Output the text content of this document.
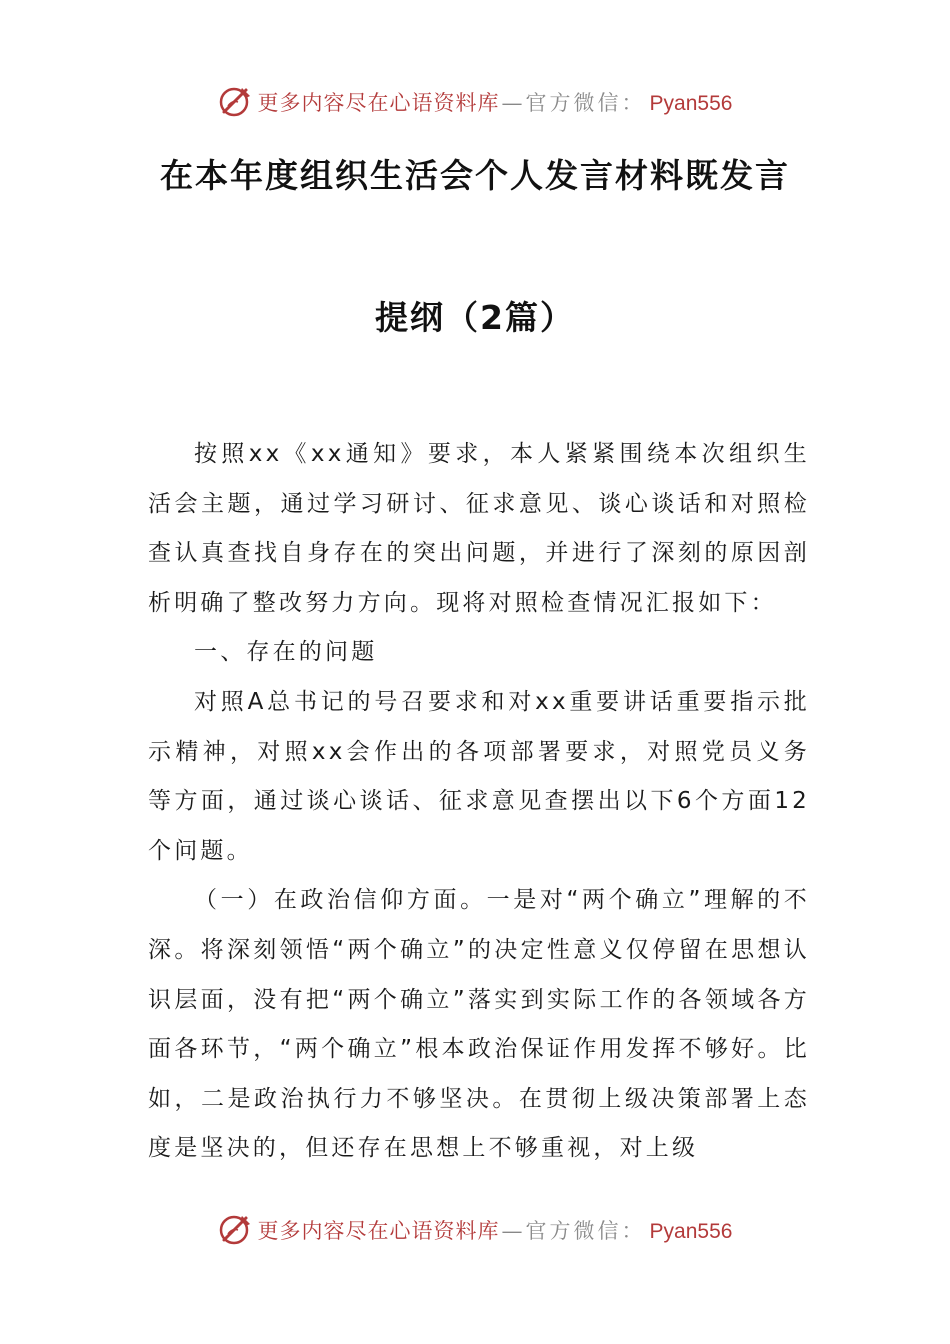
更多内容尽在心语资料库 — 官方微信： Pyan556
在本年度组织生活会个人发言材料既发言
提纲（2篇）

按照xx《xx通知》要求，本人紧紧围绕本次组织生活会主题，通过学习研讨、征求意见、谈心谈话和对照检查认真查找自身存在的突出问题，并进行了深刻的原因剖析明确了整改努力方向。现将对照检查情况汇报如下：

一、存在的问题

对照A总书记的号召要求和对xx重要讲话重要指示批示精神，对照xx会作出的各项部署要求，对照党员义务等方面，通过谈心谈话、征求意见查摆出以下6个方面12个问题。

（一）在政治信仰方面。一是对“两个确立”理解的不深。将深刻领悟“两个确立”的决定性意义仅停留在思想认识层面，没有把“两个确立”落实到实际工作的各领域各方面各环节，“两个确立”根本政治保证作用发挥不够好。比如，二是政治执行力不够坚决。在贯彻上级决策部署上态度是坚决的，但还存在思想上不够重视，对上级

更多内容尽在心语资料库 — 官方微信： Pyan556
